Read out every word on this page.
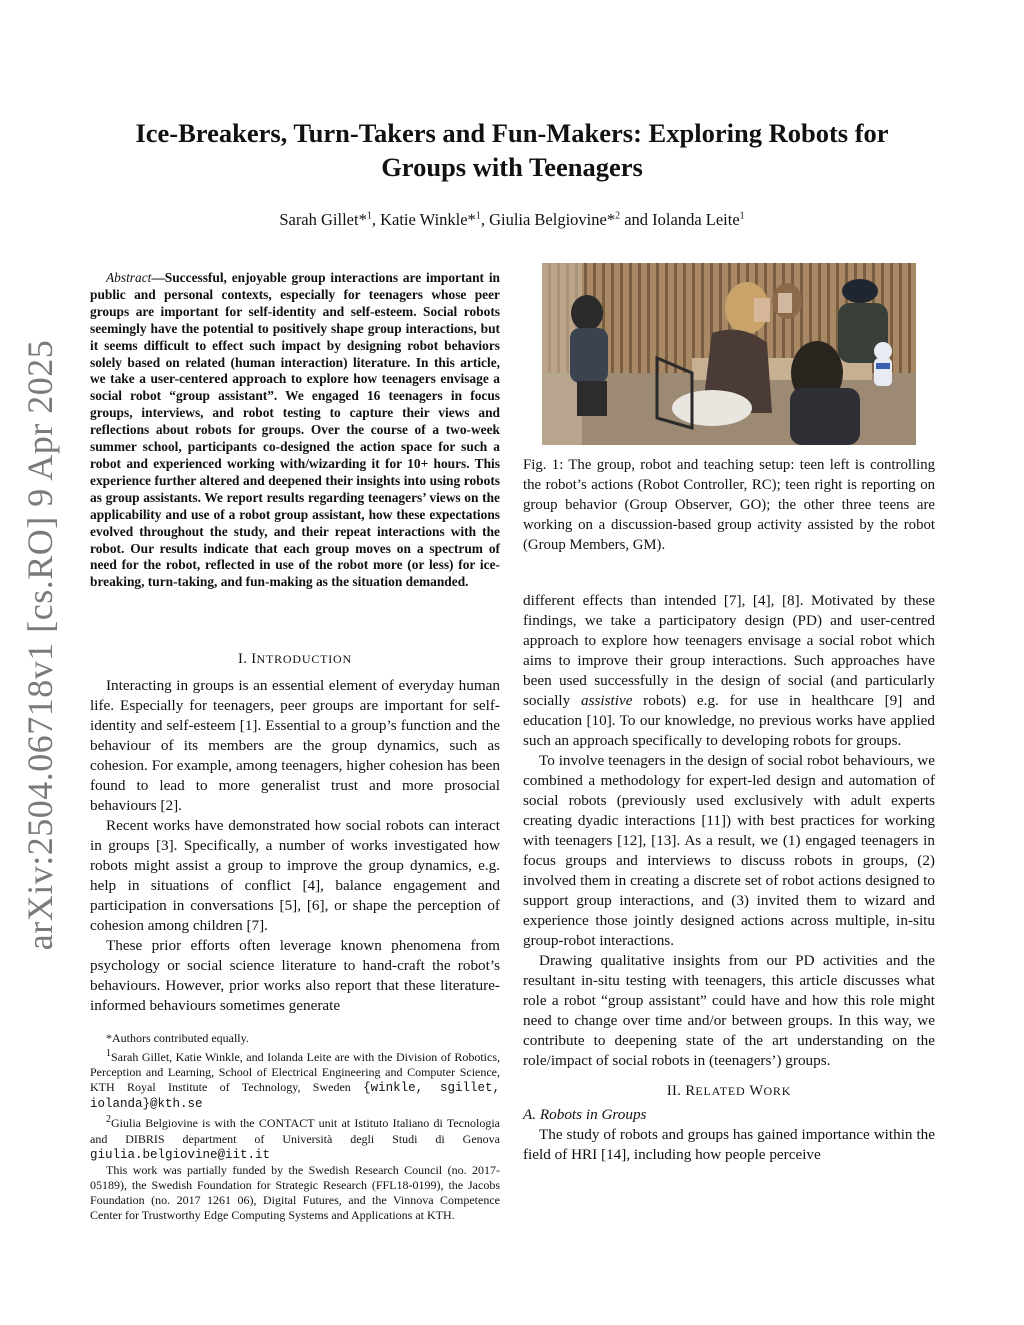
arXiv:2504.06718v1 [cs.RO] 9 Apr 2025
Ice-Breakers, Turn-Takers and Fun-Makers: Exploring Robots for Groups with Teenagers
Sarah Gillet*$^1$, Katie Winkle*$^1$, Giulia Belgiovine*$^2$ and Iolanda Leite$^1$

Abstract—Successful, enjoyable group interactions are important in public and personal contexts, especially for teenagers whose peer groups are important for self-identity and self-esteem. Social robots seemingly have the potential to positively shape group interactions, but it seems difficult to effect such impact by designing robot behaviors solely based on related (human interaction) literature. In this article, we take a user-centered approach to explore how teenagers envisage a social robot “group assistant”. We engaged 16 teenagers in focus groups, interviews, and robot testing to capture their views and reflections about robots for groups. Over the course of a two-week summer school, participants co-designed the action space for such a robot and experienced working with/wizarding it for 10+ hours. This experience further altered and deepened their insights into using robots as group assistants. We report results regarding teenagers’ views on the applicability and use of a robot group assistant, how these expectations evolved throughout the study, and their repeat interactions with the robot. Our results indicate that each group moves on a spectrum of need for the robot, reflected in use of the robot more (or less) for ice-breaking, turn-taking, and fun-making as the situation demanded.

I. INTRODUCTION

Interacting in groups is an essential element of everyday human life. Especially for teenagers, peer groups are important for self-identity and self-esteem [1]. Essential to a group’s function and the behaviour of its members are the group dynamics, such as cohesion. For example, among teenagers, higher cohesion has been found to lead to more generalist trust and more prosocial behaviours [2].

Recent works have demonstrated how social robots can interact in groups [3]. Specifically, a number of works investigated how robots might assist a group to improve the group dynamics, e.g. help in situations of conflict [4], balance engagement and participation in conversations [5], [6], or shape the perception of cohesion among children [7].

These prior efforts often leverage known phenomena from psychology or social science literature to hand-craft the robot’s behaviours. However, prior works also report that these literature-informed behaviours sometimes generate

*Authors contributed equally.

$^1$Sarah Gillet, Katie Winkle, and Iolanda Leite are with the Division of Robotics, Perception and Learning, School of Electrical Engineering and Computer Science, KTH Royal Institute of Technology, Sweden {winkle, sgillet, iolanda}@kth.se

$^2$Giulia Belgiovine is with the CONTACT unit at Istituto Italiano di Tecnologia and DIBRIS department of Università degli Studi di Genova giulia.belgiovine@iit.it

This work was partially funded by the Swedish Research Council (no. 2017-05189), the Swedish Foundation for Strategic Research (FFL18-0199), the Jacobs Foundation (no. 2017 1261 06), Digital Futures, and the Vinnova Competence Center for Trustworthy Edge Computing Systems and Applications at KTH.

Fig. 1: The group, robot and teaching setup: teen left is controlling the robot’s actions (Robot Controller, RC); teen right is reporting on group behavior (Group Observer, GO); the other three teens are working on a discussion-based group activity assisted by the robot (Group Members, GM).

different effects than intended [7], [4], [8]. Motivated by these findings, we take a participatory design (PD) and user-centred approach to explore how teenagers envisage a social robot which aims to improve their group interactions. Such approaches have been used successfully in the design of social (and particularly socially assistive robots) e.g. for use in healthcare [9] and education [10]. To our knowledge, no previous works have applied such an approach specifically to developing robots for groups.

To involve teenagers in the design of social robot behaviours, we combined a methodology for expert-led design and automation of social robots (previously used exclusively with adult experts creating dyadic interactions [11]) with best practices for working with teenagers [12], [13]. As a result, we (1) engaged teenagers in focus groups and interviews to discuss robots in groups, (2) involved them in creating a discrete set of robot actions designed to support group interactions, and (3) invited them to wizard and experience those jointly designed actions across multiple, in-situ group-robot interactions.

Drawing qualitative insights from our PD activities and the resultant in-situ testing with teenagers, this article discusses what role a robot “group assistant” could have and how this role might need to change over time and/or between groups. In this way, we contribute to deepening state of the art understanding on the role/impact of social robots in (teenagers’) groups.

II. RELATED WORK
A. Robots in Groups

The study of robots and groups has gained importance within the field of HRI [14], including how people perceive
